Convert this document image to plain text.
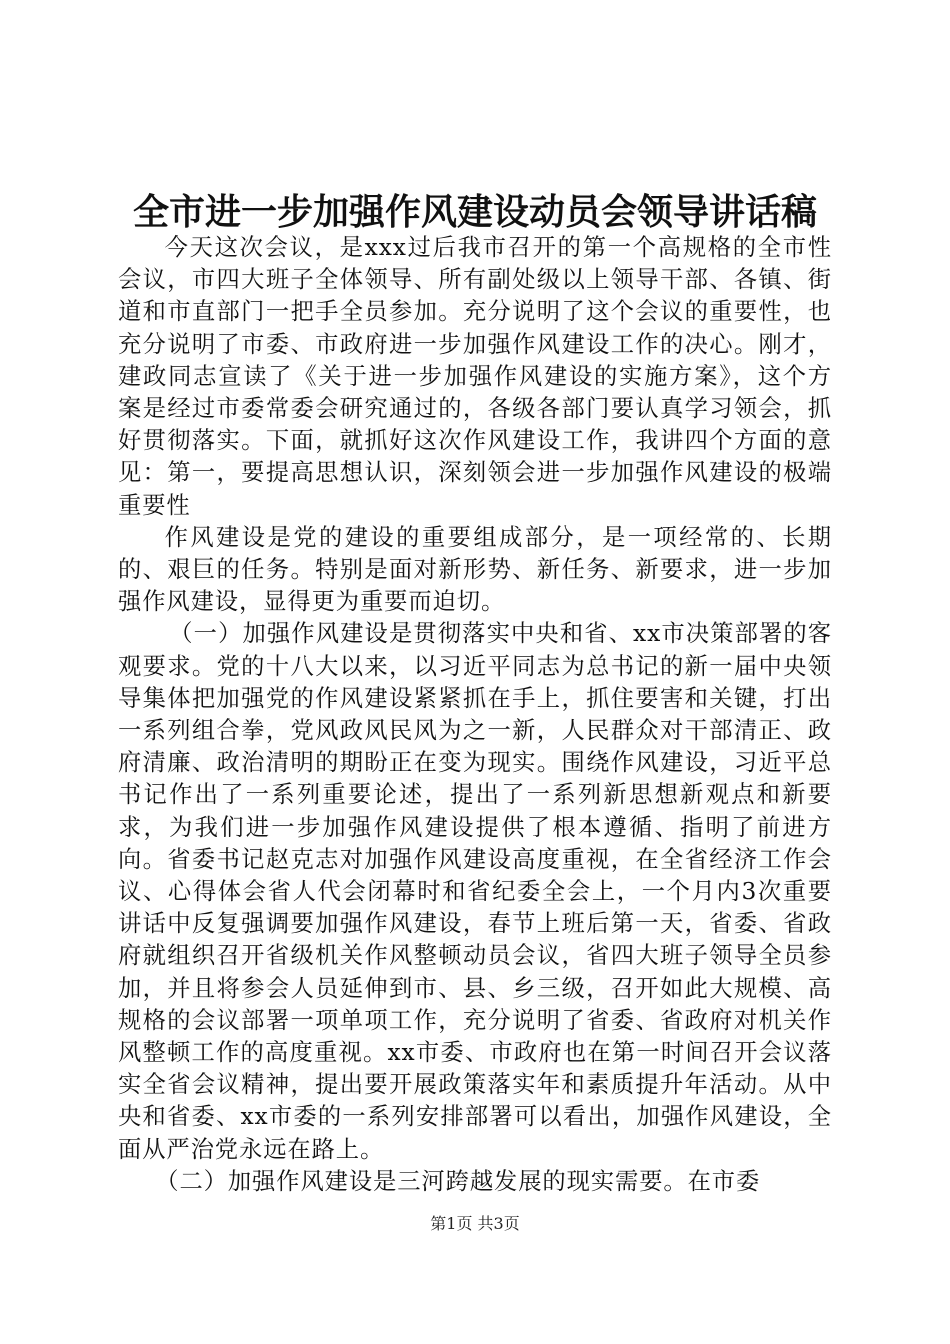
全市进一步加强作风建设动员会领导讲话稿

今天这次会议，是xxx过后我市召开的第一个高规格的全市性会议，市四大班子全体领导、所有副处级以上领导干部、各镇、街道和市直部门一把手全员参加。充分说明了这个会议的重要性，也充分说明了市委、市政府进一步加强作风建设工作的决心。刚才，建政同志宣读了《关于进一步加强作风建设的实施方案》，这个方案是经过市委常委会研究通过的，各级各部门要认真学习领会，抓好贯彻落实。下面，就抓好这次作风建设工作，我讲四个方面的意见：第一，要提高思想认识，深刻领会进一步加强作风建设的极端重要性

作风建设是党的建设的重要组成部分，是一项经常的、长期的、艰巨的任务。特别是面对新形势、新任务、新要求，进一步加强作风建设，显得更为重要而迫切。

（一）加强作风建设是贯彻落实中央和省、xx市决策部署的客观要求。党的十八大以来，以习近平同志为总书记的新一届中央领导集体把加强党的作风建设紧紧抓在手上，抓住要害和关键，打出一系列组合拳，党风政风民风为之一新，人民群众对干部清正、政府清廉、政治清明的期盼正在变为现实。围绕作风建设，习近平总书记作出了一系列重要论述，提出了一系列新思想新观点和新要求，为我们进一步加强作风建设提供了根本遵循、指明了前进方向。省委书记赵克志对加强作风建设高度重视，在全省经济工作会议、心得体会省人代会闭幕时和省纪委全会上，一个月内3次重要讲话中反复强调要加强作风建设，春节上班后第一天，省委、省政府就组织召开省级机关作风整顿动员会议，省四大班子领导全员参加，并且将参会人员延伸到市、县、乡三级，召开如此大规模、高规格的会议部署一项单项工作，充分说明了省委、省政府对机关作风整顿工作的高度重视。xx市委、市政府也在第一时间召开会议落实全省会议精神，提出要开展政策落实年和素质提升年活动。从中央和省委、xx市委的一系列安排部署可以看出，加强作风建设，全面从严治党永远在路上。

（二）加强作风建设是三河跨越发展的现实需要。在市委

第1页 共3页
